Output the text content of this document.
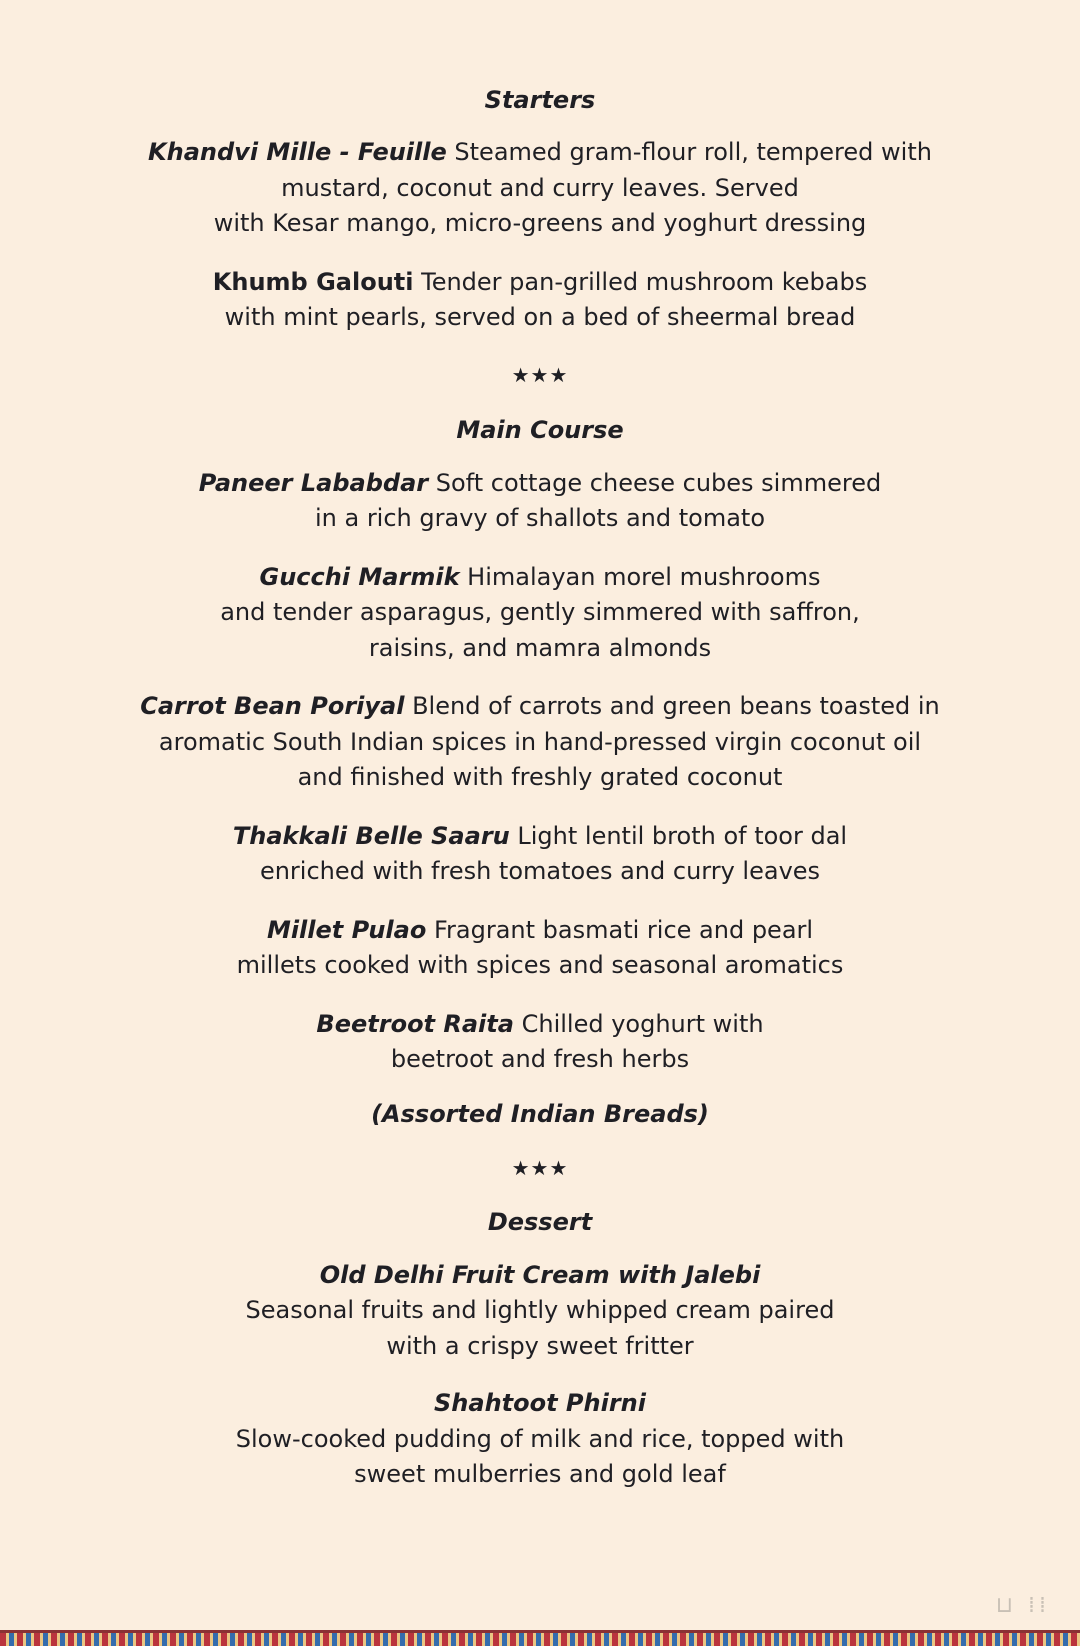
Starters

Khandvi Mille - Feuille Steamed gram-flour roll, tempered with
mustard, coconut and curry leaves. Served
with Kesar mango, micro-greens and yoghurt dressing

Khumb Galouti Tender pan-grilled mushroom kebabs
with mint pearls, served on a bed of sheermal bread

★★★

Main Course

Paneer Lababdar Soft cottage cheese cubes simmered
in a rich gravy of shallots and tomato

Gucchi Marmik Himalayan morel mushrooms
and tender asparagus, gently simmered with saffron,
raisins, and mamra almonds

Carrot Bean Poriyal Blend of carrots and green beans toasted in
aromatic South Indian spices in hand-pressed virgin coconut oil
and finished with freshly grated coconut

Thakkali Belle Saaru Light lentil broth of toor dal
enriched with fresh tomatoes and curry leaves

Millet Pulao Fragrant basmati rice and pearl
millets cooked with spices and seasonal aromatics

Beetroot Raita Chilled yoghurt with
beetroot and fresh herbs

(Assorted Indian Breads)

★★★

Dessert

Old Delhi Fruit Cream with Jalebi
Seasonal fruits and lightly whipped cream paired
with a crispy sweet fritter

Shahtoot Phirni
Slow-cooked pudding of milk and rice, topped with
sweet mulberries and gold leaf

⊔ ⁞⁞
